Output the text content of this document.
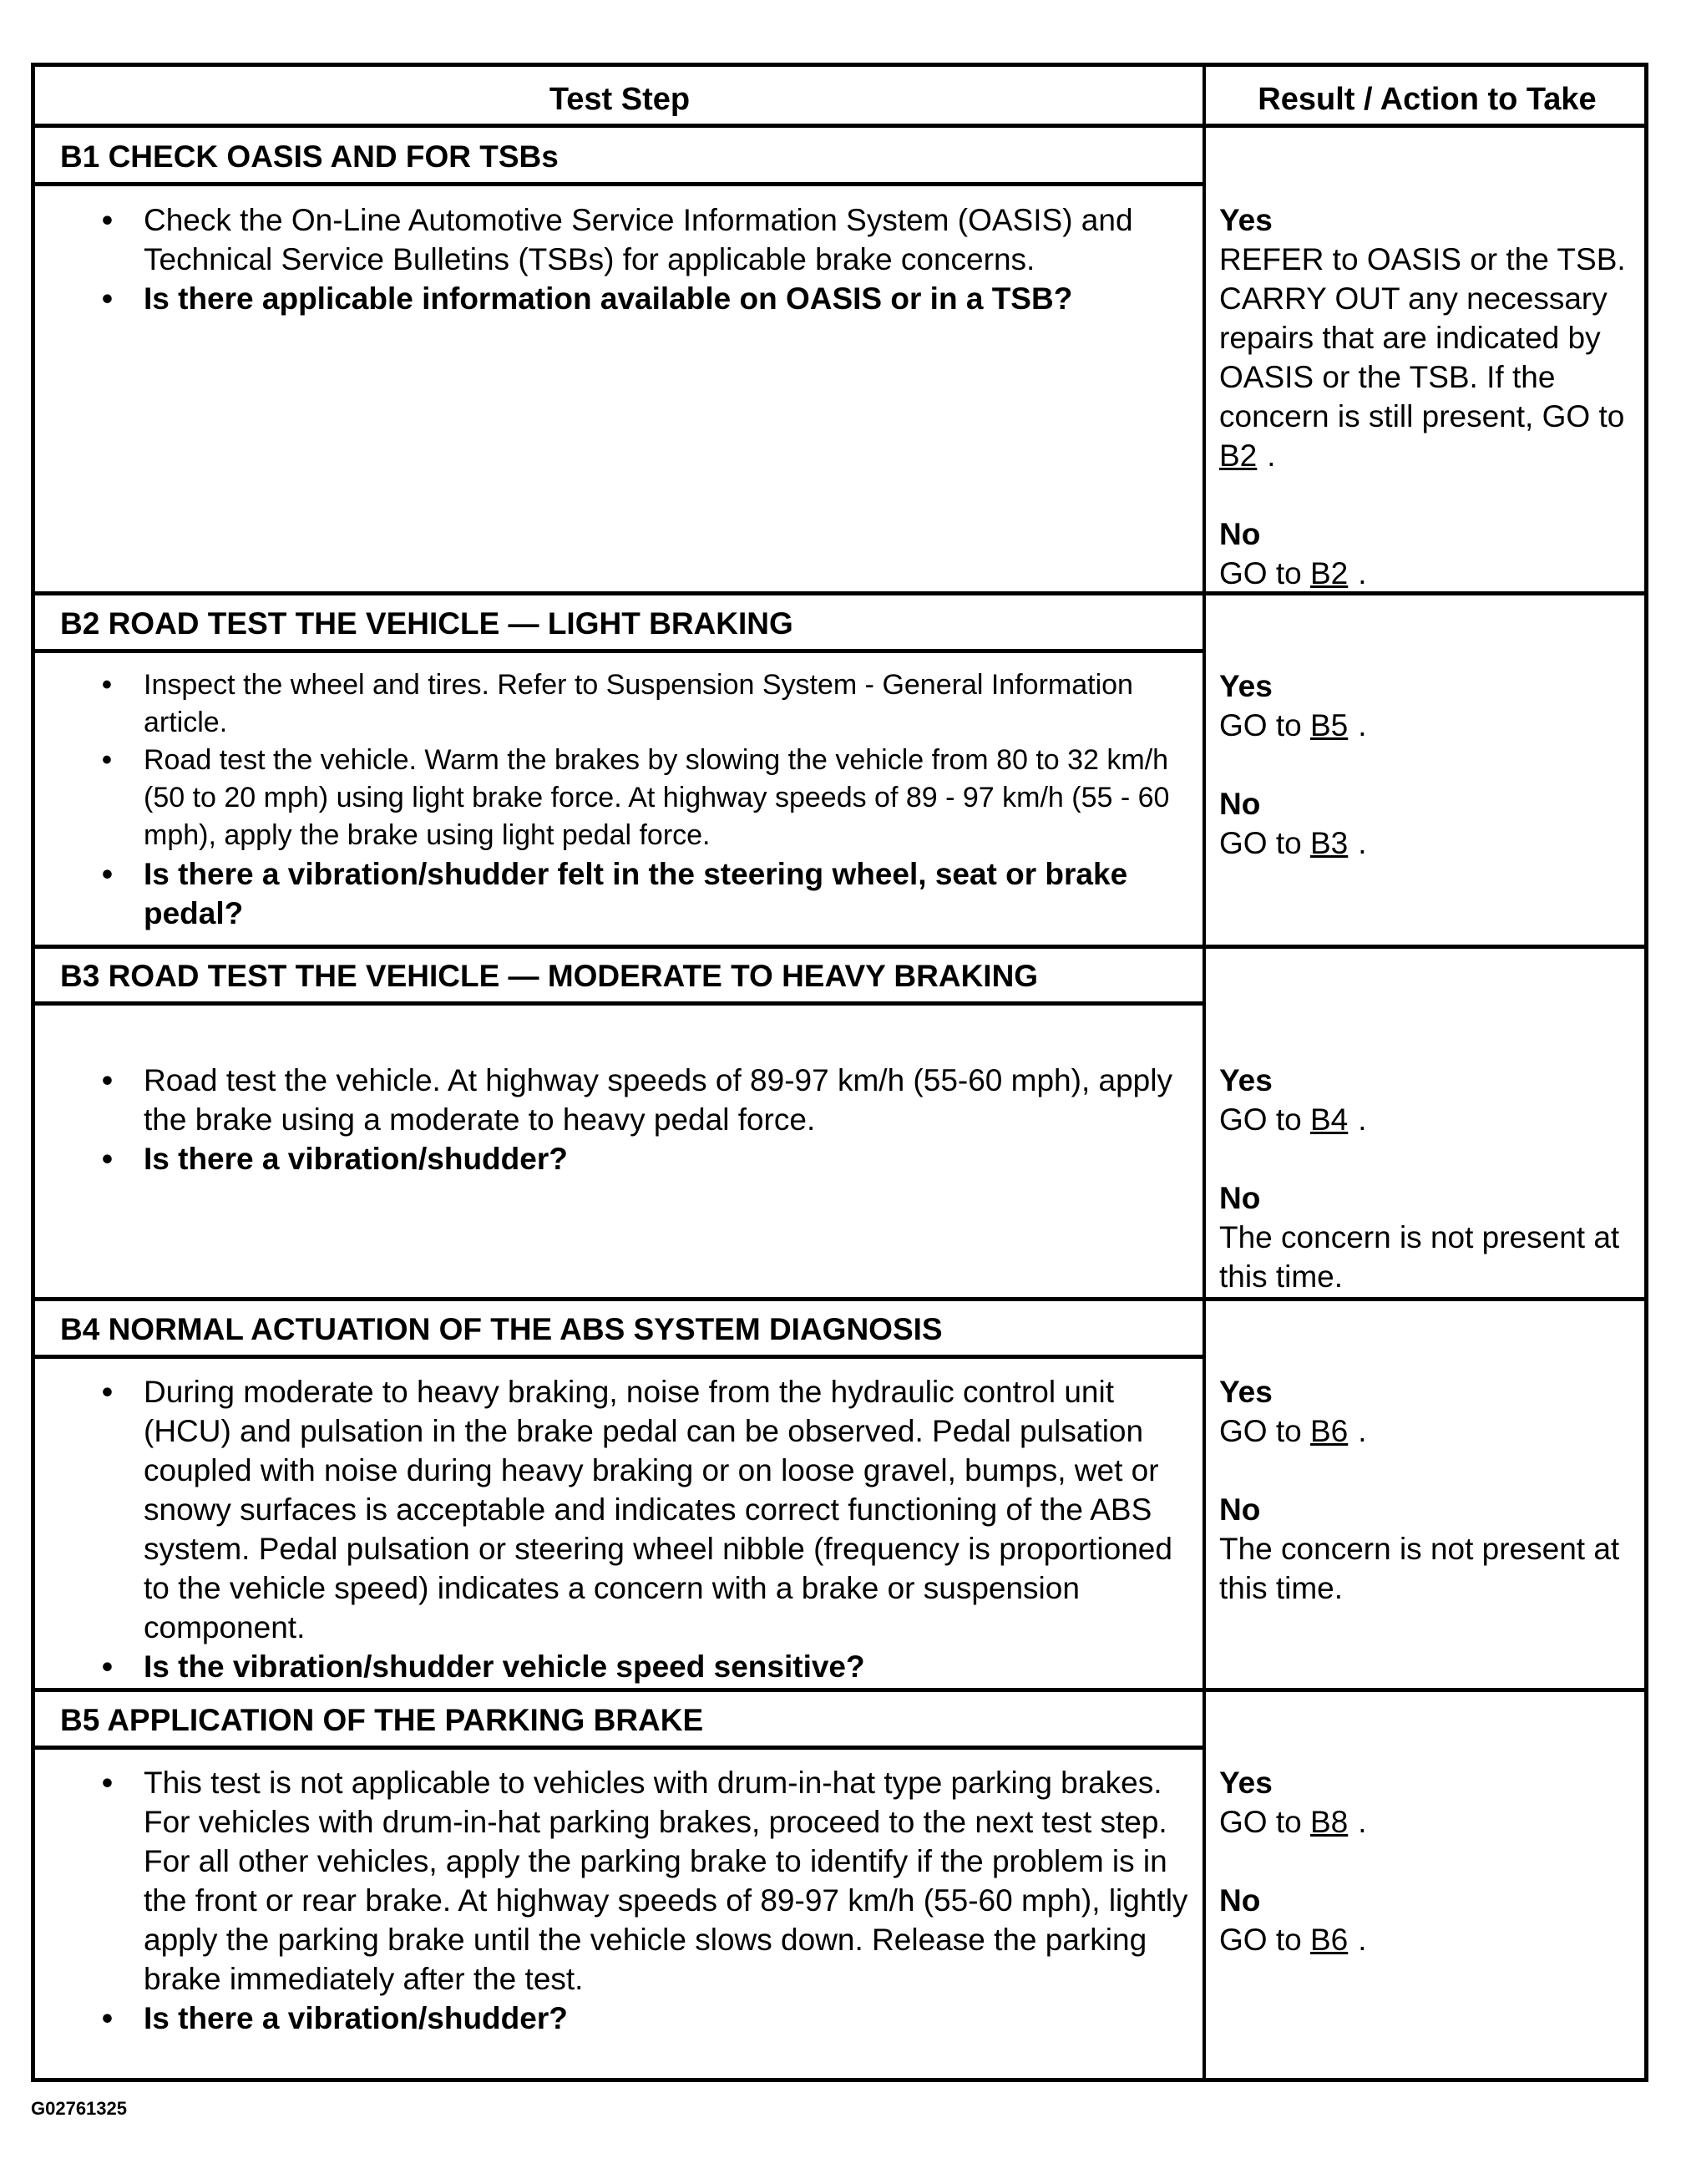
Test Step	Result / Action to Take
B1 CHECK OASIS AND FOR TSBs
• Check the On-Line Automotive Service Information System (OASIS) and Technical Service Bulletins (TSBs) for applicable brake concerns.
• Is there applicable information available on OASIS or in a TSB?
Yes
REFER to OASIS or the TSB. CARRY OUT any necessary repairs that are indicated by OASIS or the TSB. If the concern is still present, GO to B2 .
No
GO to B2 .
B2 ROAD TEST THE VEHICLE — LIGHT BRAKING
• Inspect the wheel and tires. Refer to Suspension System - General Information article.
• Road test the vehicle. Warm the brakes by slowing the vehicle from 80 to 32 km/h (50 to 20 mph) using light brake force. At highway speeds of 89 - 97 km/h (55 - 60 mph), apply the brake using light pedal force.
• Is there a vibration/shudder felt in the steering wheel, seat or brake pedal?
Yes
GO to B5 .
No
GO to B3 .
B3 ROAD TEST THE VEHICLE — MODERATE TO HEAVY BRAKING
• Road test the vehicle. At highway speeds of 89-97 km/h (55-60 mph), apply the brake using a moderate to heavy pedal force.
• Is there a vibration/shudder?
Yes
GO to B4 .
No
The concern is not present at this time.
B4 NORMAL ACTUATION OF THE ABS SYSTEM DIAGNOSIS
• During moderate to heavy braking, noise from the hydraulic control unit (HCU) and pulsation in the brake pedal can be observed. Pedal pulsation coupled with noise during heavy braking or on loose gravel, bumps, wet or snowy surfaces is acceptable and indicates correct functioning of the ABS system. Pedal pulsation or steering wheel nibble (frequency is proportioned to the vehicle speed) indicates a concern with a brake or suspension component.
• Is the vibration/shudder vehicle speed sensitive?
Yes
GO to B6 .
No
The concern is not present at this time.
B5 APPLICATION OF THE PARKING BRAKE
• This test is not applicable to vehicles with drum-in-hat type parking brakes. For vehicles with drum-in-hat parking brakes, proceed to the next test step. For all other vehicles, apply the parking brake to identify if the problem is in the front or rear brake. At highway speeds of 89-97 km/h (55-60 mph), lightly apply the parking brake until the vehicle slows down. Release the parking brake immediately after the test.
• Is there a vibration/shudder?
Yes
GO to B8 .
No
GO to B6 .
G02761325
